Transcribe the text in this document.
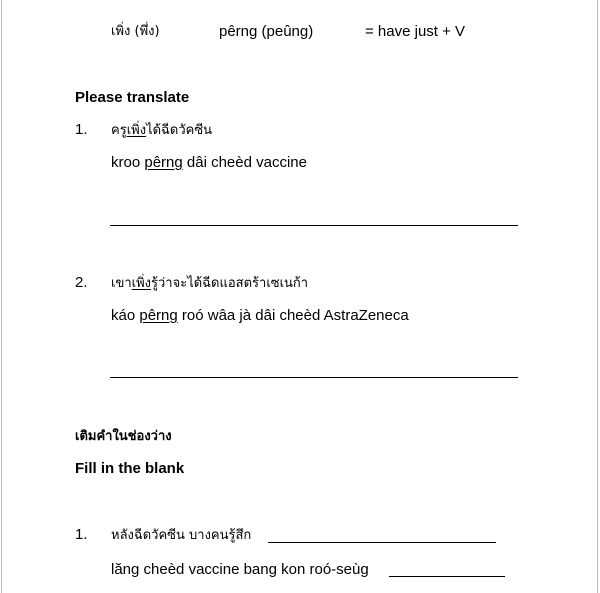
เพิ่ง (พึ่ง)	pêrng (peûng)	= have just + V
Please translate
1. ครูเพิ่งได้ฉีดวัคซีน
kroo pêrng dâi cheèd vaccine
2. เขาเพิ่งรู้ว่าจะได้ฉีดแอสตร้าเซเนก้า
káo pêrng roó wâa jà dâi cheèd AstraZeneca
เติมคำในช่องว่าง
Fill in the blank
1. หลังฉีดวัคซีน บางคนรู้สึก
lăng cheèd vaccine bang kon roó-seùg
